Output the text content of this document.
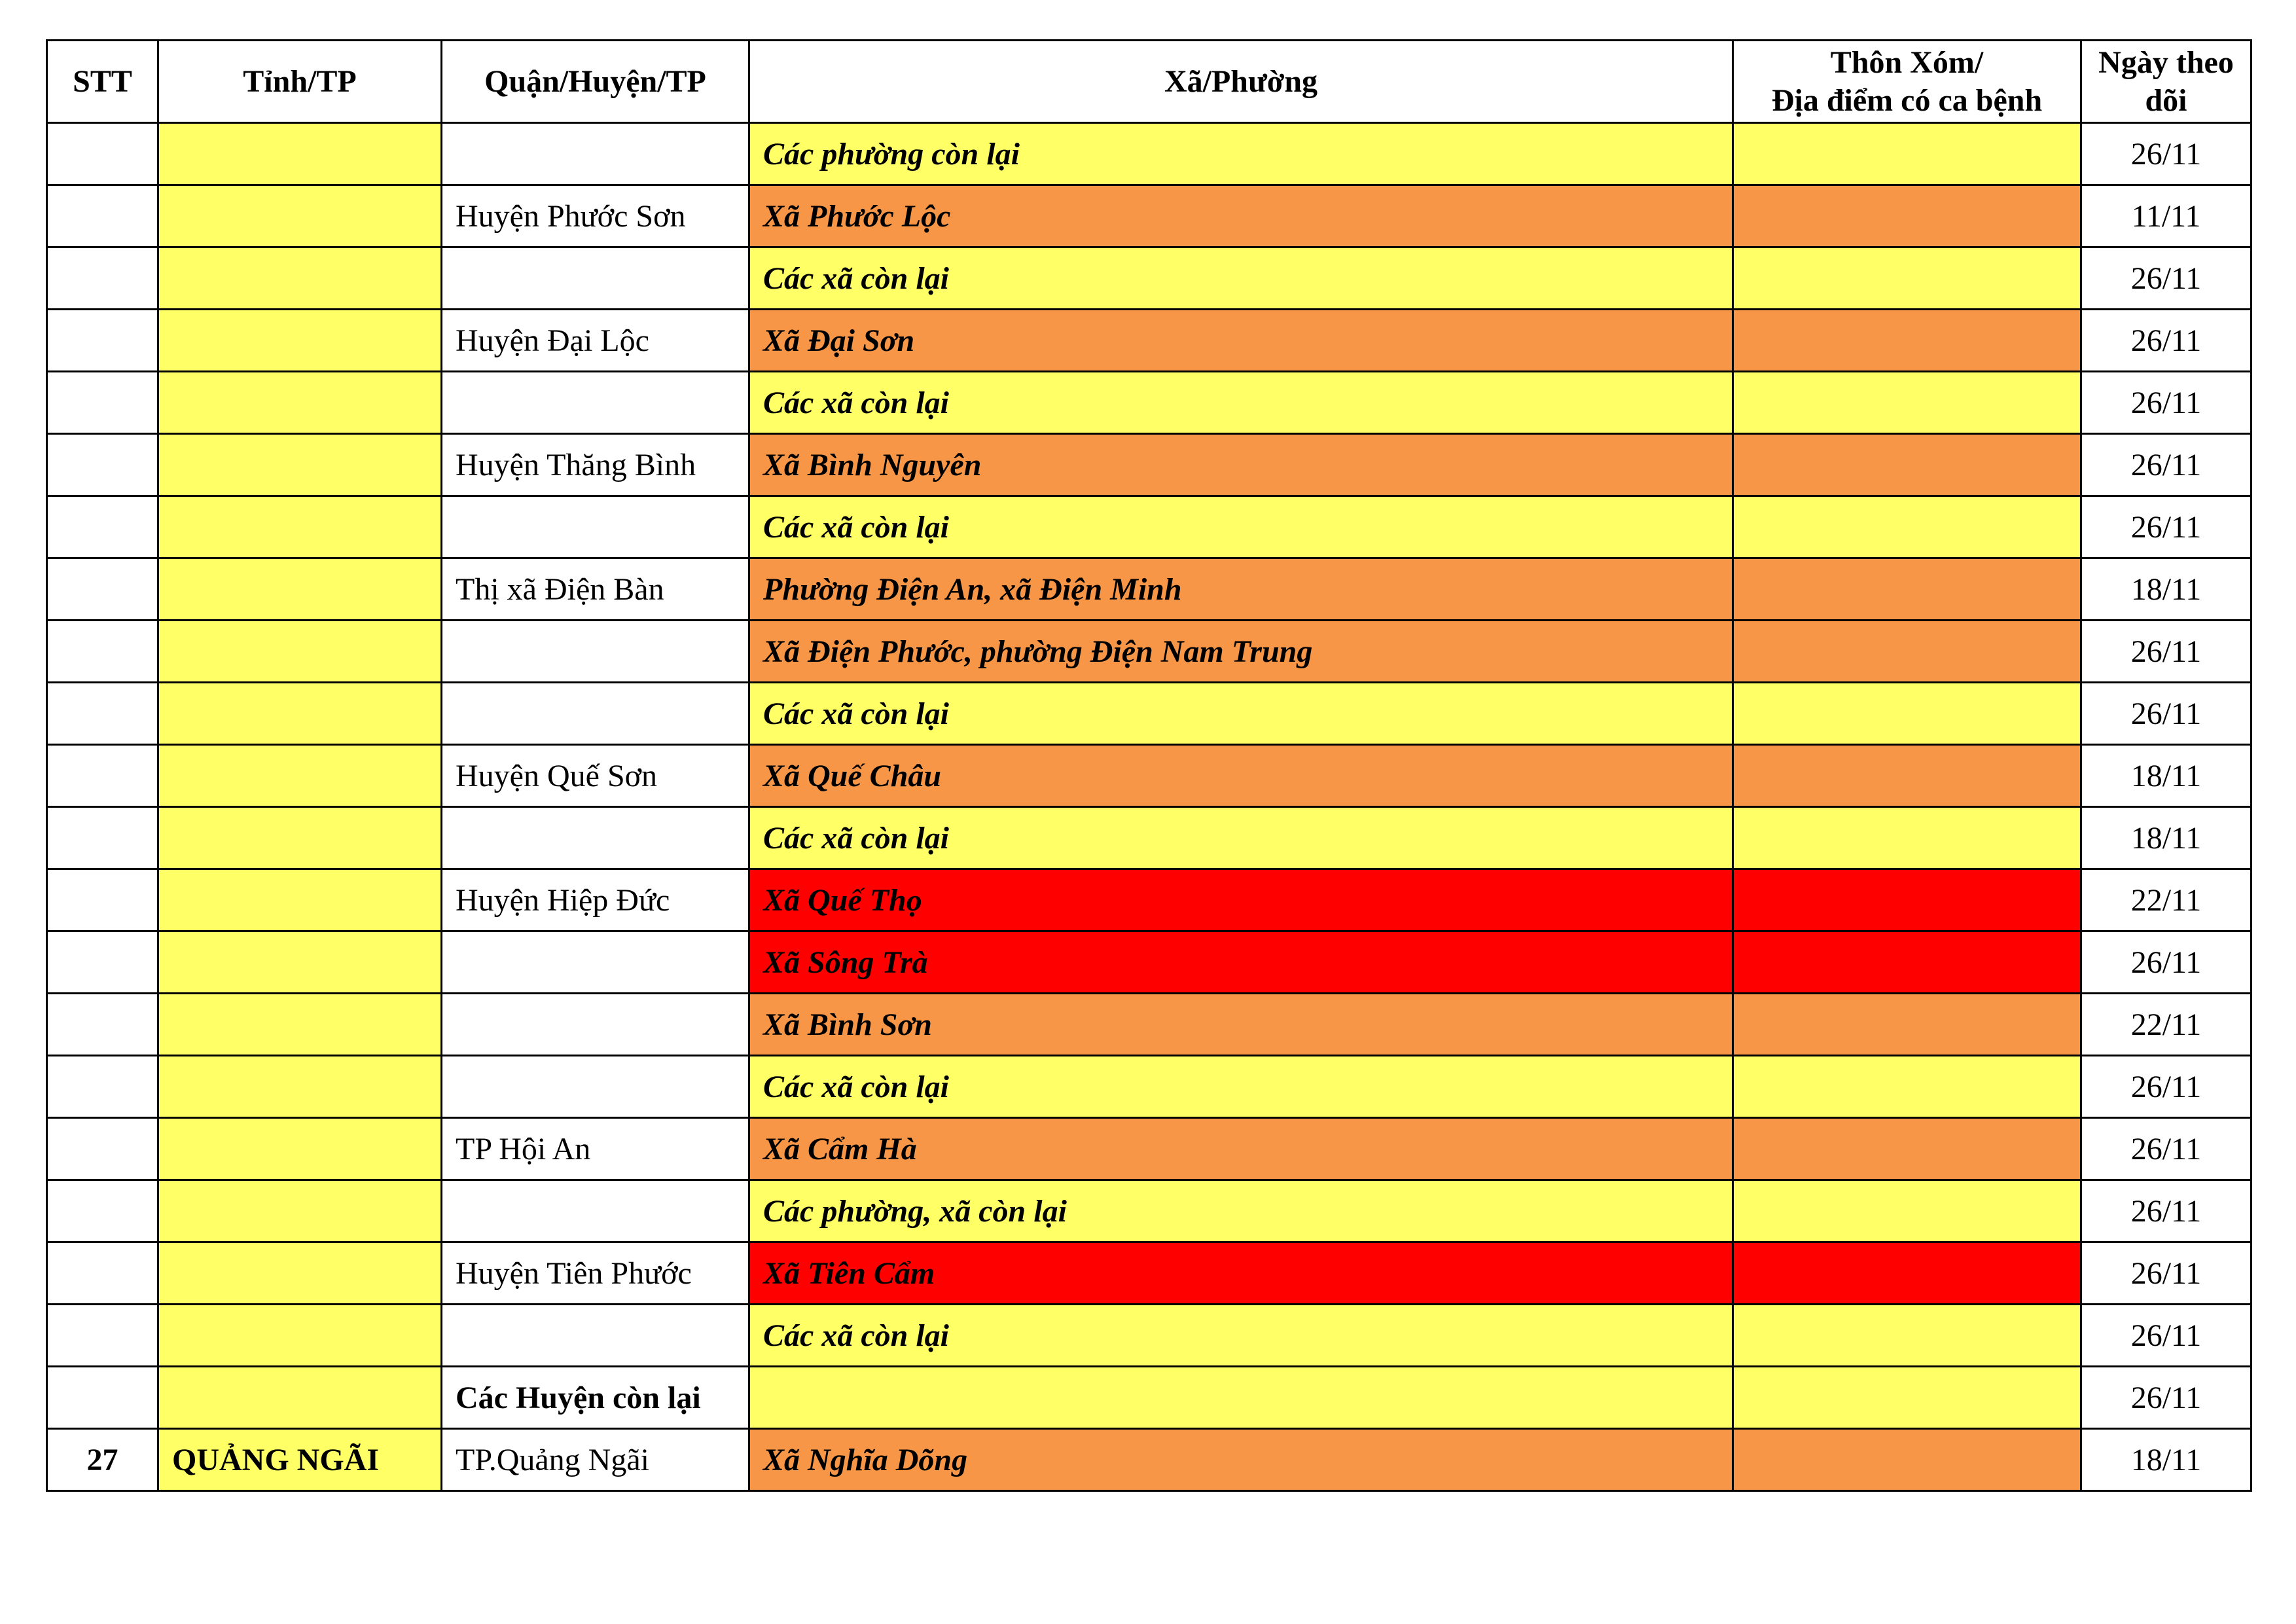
STT	Tỉnh/TP	Quận/Huyện/TP	Xã/Phường	Thôn Xóm/
Địa điểm có ca bệnh	Ngày theo dõi
			Các phường còn lại		26/11
		Huyện Phước Sơn	Xã Phước Lộc		11/11
			Các xã còn lại		26/11
		Huyện Đại Lộc	Xã Đại Sơn		26/11
			Các xã còn lại		26/11
		Huyện Thăng Bình	Xã Bình Nguyên		26/11
			Các xã còn lại		26/11
		Thị xã Điện Bàn	Phường Điện An, xã Điện Minh		18/11
			Xã Điện Phước, phường Điện Nam Trung		26/11
			Các xã còn lại		26/11
		Huyện Quế Sơn	Xã Quế Châu		18/11
			Các xã còn lại		18/11
		Huyện Hiệp Đức	Xã Quế Thọ		22/11
			Xã Sông Trà		26/11
			Xã Bình Sơn		22/11
			Các xã còn lại		26/11
		TP Hội An	Xã Cẩm Hà		26/11
			Các phường, xã còn lại		26/11
		Huyện Tiên Phước	Xã Tiên Cẩm		26/11
			Các xã còn lại		26/11
		Các Huyện còn lại			26/11
27	QUẢNG NGÃI	TP.Quảng Ngãi	Xã Nghĩa Dõng		18/11
